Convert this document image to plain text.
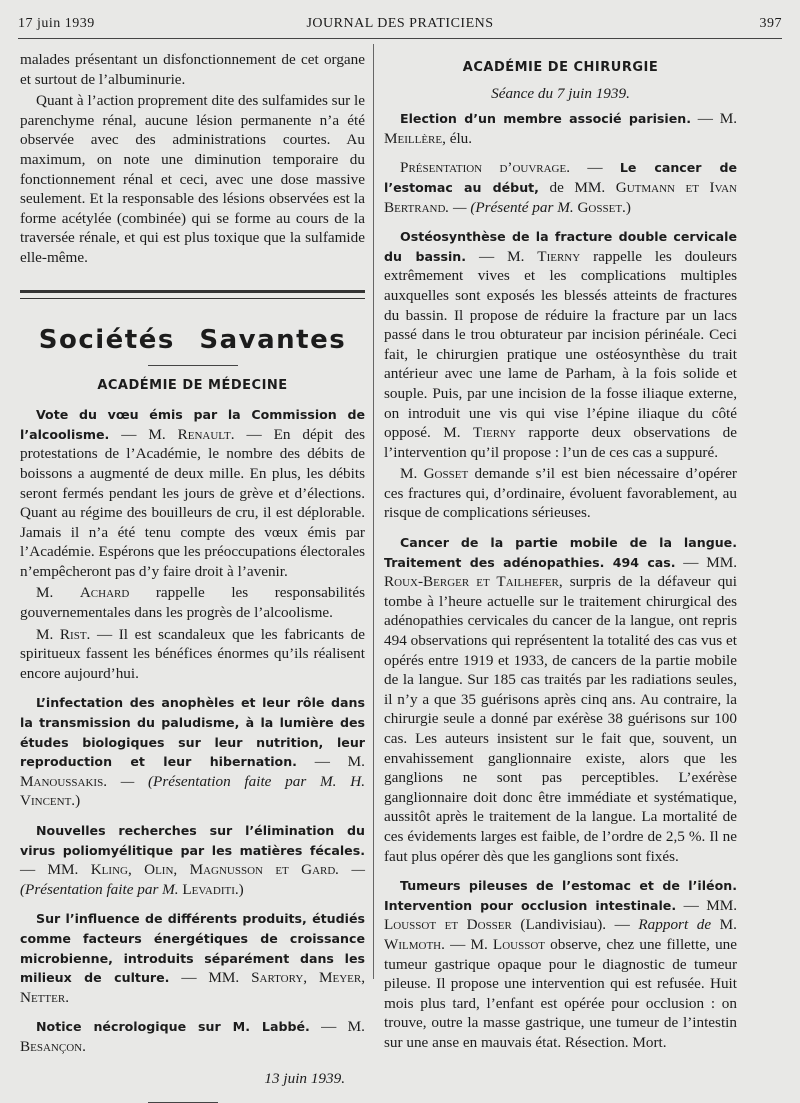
17 juin 1939	JOURNAL DES PRATICIENS	397

malades présentant un disfonctionnement de cet organe et surtout de l’albuminurie.

Quant à l’action proprement dite des sulfamides sur le parenchyme rénal, aucune lésion permanente n’a été observée avec des administrations courtes. Au maximum, on note une diminution temporaire du fonctionnement rénal et ceci, avec une dose massive seulement. Et la responsable des lésions observées est la forme acétylée (combinée) qui se forme au cours de la traversée rénale, et qui est plus toxique que la sulfamide elle-même.

Sociétés Savantes
ACADÉMIE DE MÉDECINE

Vote du vœu émis par la Commission de l’alcoolisme. — M. Renault. — En dépit des protestations de l’Académie, le nombre des débits de boissons a augmenté de deux mille. En plus, les débits seront fermés pendant les jours de grève et d’élections. Quant au régime des bouilleurs de cru, il est déplorable. Jamais il n’a été tenu compte des vœux émis par l’Académie. Espérons que les préoccupations électorales n’empêcheront pas d’y faire droit à l’avenir.

M. Achard rappelle les responsabilités gouvernementales dans les progrès de l’alcoolisme.

M. Rist. — Il est scandaleux que les fabricants de spiritueux fassent les bénéfices énormes qu’ils réalisent encore aujourd’hui.

L’infectation des anophèles et leur rôle dans la transmission du paludisme, à la lumière des études biologiques sur leur nutrition, leur reproduction et leur hibernation. — M. Manoussakis. — (Présentation faite par M. H. Vincent.)

Nouvelles recherches sur l’élimination du virus poliomyélitique par les matières fécales. — MM. Kling, Olin, Magnusson et Gard. — (Présentation faite par M. Levaditi.)

Sur l’influence de différents produits, étudiés comme facteurs énergétiques de croissance microbienne, introduits séparément dans les milieux de culture. — MM. Sartory, Meyer, Netter.

Notice nécrologique sur M. Labbé. — M. Besançon.

13 juin 1939.
ACADÉMIE DE CHIRURGIE
Séance du 7 juin 1939.

Election d’un membre associé parisien. — M. Meillère, élu.

Présentation d’ouvrage. — Le cancer de l’estomac au début, de MM. Gutmann et Ivan Bertrand. — (Présenté par M. Gosset.)

Ostéosynthèse de la fracture double cervicale du bassin. — M. Tierny rappelle les douleurs extrêmement vives et les complications multiples auxquelles sont exposés les blessés atteints de fractures du bassin. Il propose de réduire la fracture par un lacs passé dans le trou obturateur par incision périnéale. Ceci fait, le chirurgien pratique une ostéosynthèse du trait antérieur avec une lame de Parham, à la fois solide et souple. Puis, par une incision de la fosse iliaque externe, on introduit une vis qui vise l’épine iliaque du côté opposé. M. Tierny rapporte deux observations de l’intervention qu’il propose : l’un de ces cas a suppuré.

M. Gosset demande s’il est bien nécessaire d’opérer ces fractures qui, d’ordinaire, évoluent favorablement, au risque de complications sérieuses.

Cancer de la partie mobile de la langue. Traitement des adénopathies. 494 cas. — MM. Roux-Berger et Tailhefer, surpris de la défaveur qui tombe à l’heure actuelle sur le traitement chirurgical des adénopathies cervicales du cancer de la langue, ont repris 494 observations qui représentent la totalité des cas vus et opérés entre 1919 et 1933, de cancers de la partie mobile de la langue. Sur 185 cas traités par les radiations seules, il n’y a que 35 guérisons après cinq ans. Au contraire, la chirurgie seule a donné par exérèse 38 guérisons sur 100 cas. Les auteurs insistent sur le fait que, souvent, un envahissement ganglionnaire existe, alors que les ganglions ne sont pas perceptibles. L’exérèse ganglionnaire doit donc être immédiate et systématique, aussitôt après le traitement de la langue. La mortalité de ces évidements larges est faible, de l’ordre de 2,5 %. Il ne faut plus opérer dès que les ganglions sont fixés.

Tumeurs pileuses de l’estomac et de l’iléon. Intervention pour occlusion intestinale. — MM. Loussot et Dosser (Landivisiau). — Rapport de M. Wilmoth. — M. Loussot observe, chez une fillette, une tumeur gastrique opaque pour le diagnostic de tumeur pileuse. Il propose une intervention qui est refusée. Huit mois plus tard, l’enfant est opérée pour occlusion : on trouve, outre la masse gastrique, une tumeur de l’intestin sur une anse en mauvais état. Résection. Mort.
